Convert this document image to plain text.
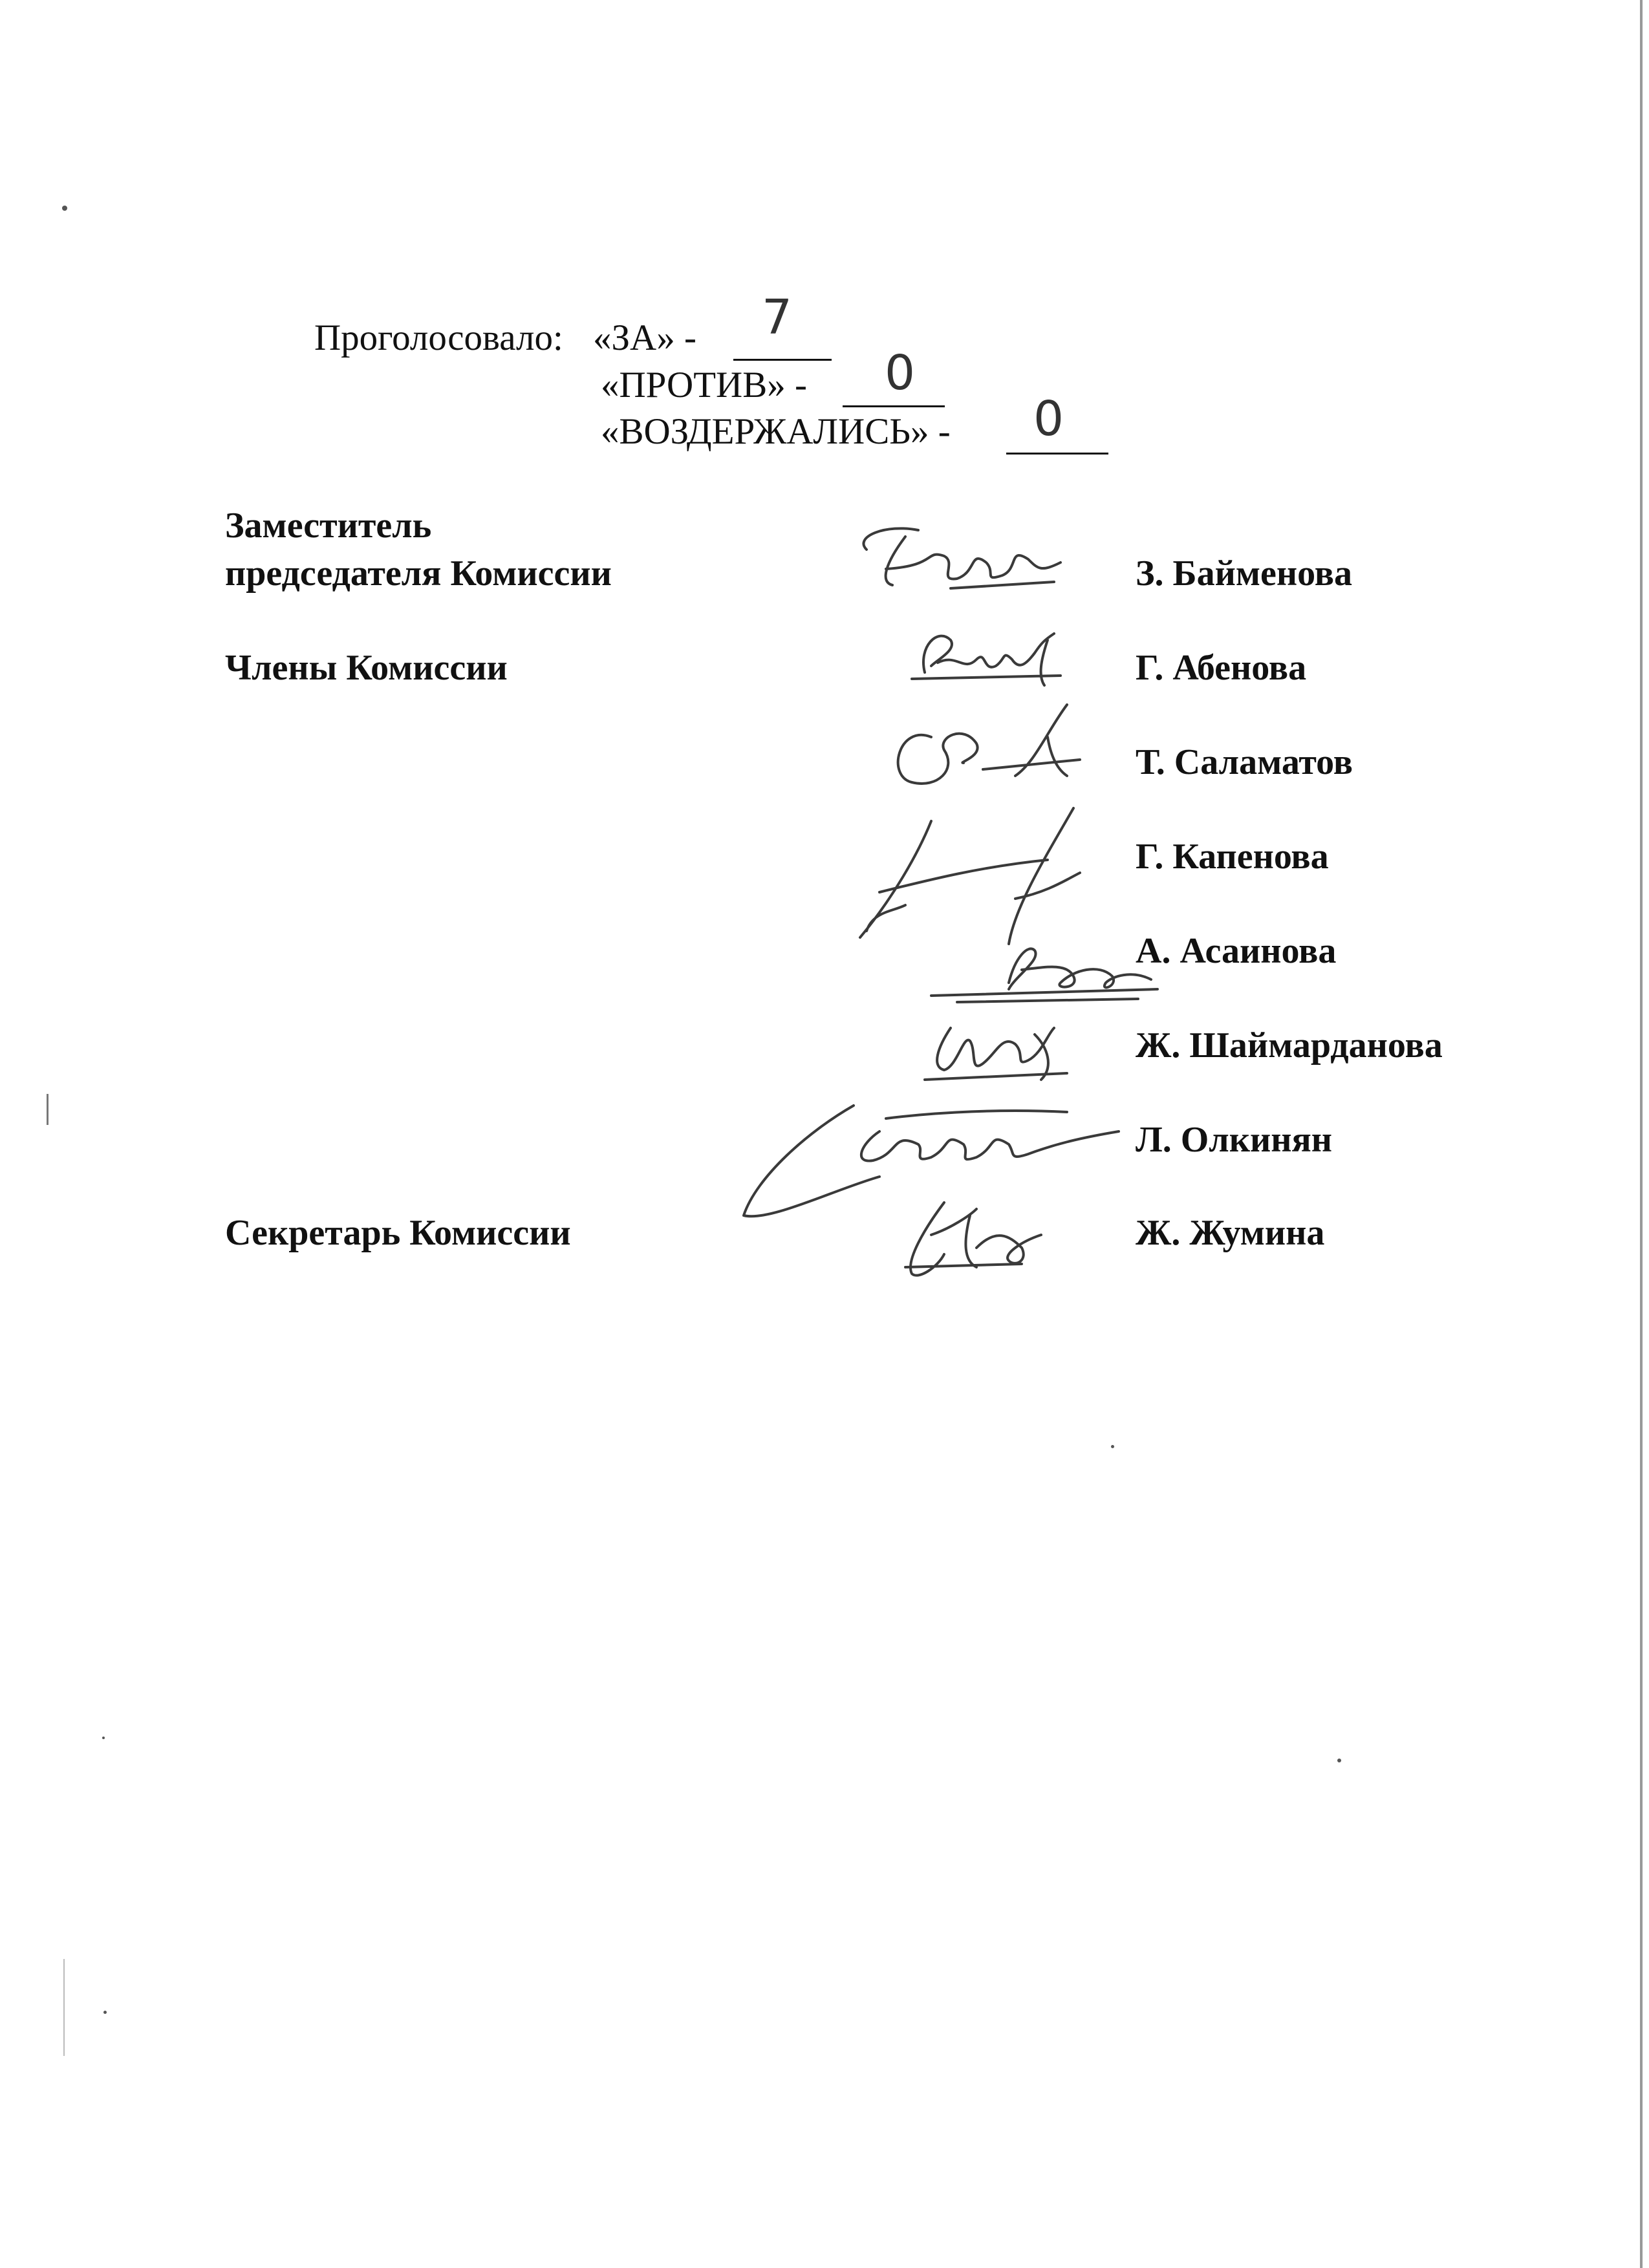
Проголосовало: «ЗА» - 7
«ПРОТИВ» - 0
«ВОЗДЕРЖАЛИСЬ» - 0
Заместитель
председателя Комиссии
Члены Комиссии
Секретарь Комиссии
З. Байменова
Г. Абенова
Т. Саламатов
Г. Капенова
А. Асаинова
Ж. Шаймарданова
Л. Олкинян
Ж. Жумина
